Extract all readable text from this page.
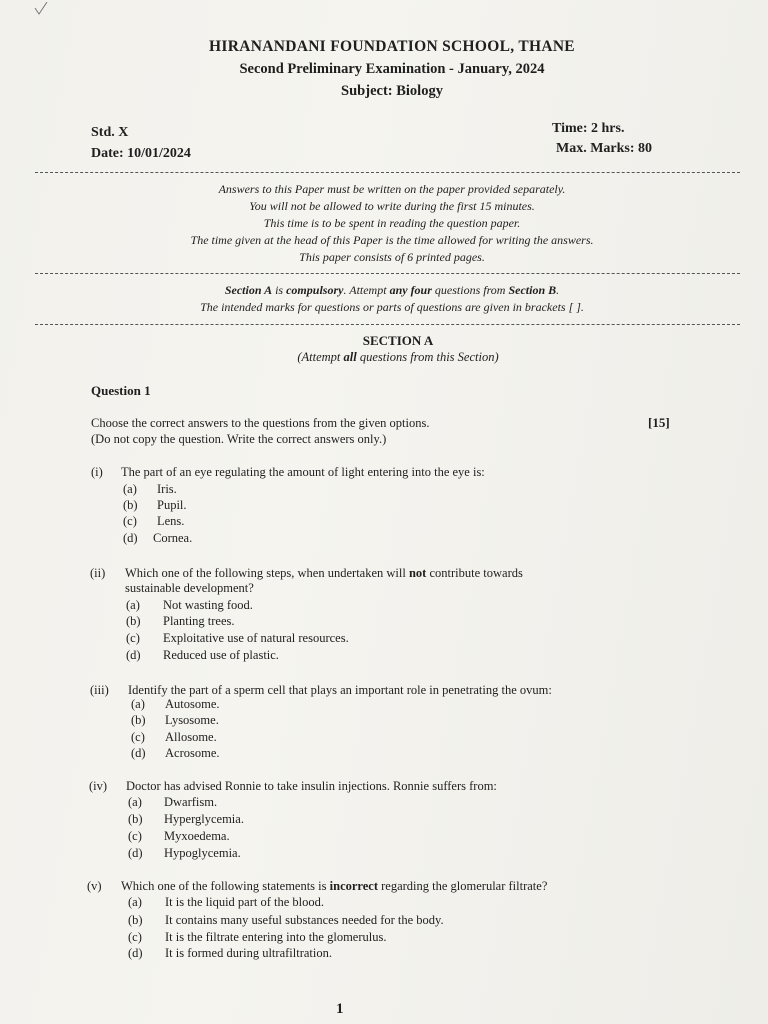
HIRANANDANI FOUNDATION SCHOOL, THANE
Second Preliminary Examination - January, 2024
Subject: Biology
Std. X
Date: 10/01/2024
Time: 2 hrs.
Max. Marks: 80
Answers to this Paper must be written on the paper provided separately.
You will not be allowed to write during the first 15 minutes.
This time is to be spent in reading the question paper.
The time given at the head of this Paper is the time allowed for writing the answers.
This paper consists of 6 printed pages.
Section A is compulsory. Attempt any four questions from Section B.
The intended marks for questions or parts of questions are given in brackets [ ].
SECTION A
(Attempt all questions from this Section)
Question 1
Choose the correct answers to the questions from the given options.
(Do not copy the question. Write the correct answers only.)
[15]
(i) The part of an eye regulating the amount of light entering into the eye is:
(a) Iris.
(b) Pupil.
(c) Lens.
(d) Cornea.
(ii) Which one of the following steps, when undertaken will not contribute towards
sustainable development?
(a) Not wasting food.
(b) Planting trees.
(c) Exploitative use of natural resources.
(d) Reduced use of plastic.
(iii) Identify the part of a sperm cell that plays an important role in penetrating the ovum:
(a) Autosome.
(b) Lysosome.
(c) Allosome.
(d) Acrosome.
(iv) Doctor has advised Ronnie to take insulin injections. Ronnie suffers from:
(a) Dwarfism.
(b) Hyperglycemia.
(c) Myxoedema.
(d) Hypoglycemia.
(v) Which one of the following statements is incorrect regarding the glomerular filtrate?
(a) It is the liquid part of the blood.
(b) It contains many useful substances needed for the body.
(c) It is the filtrate entering into the glomerulus.
(d) It is formed during ultrafiltration.
1
